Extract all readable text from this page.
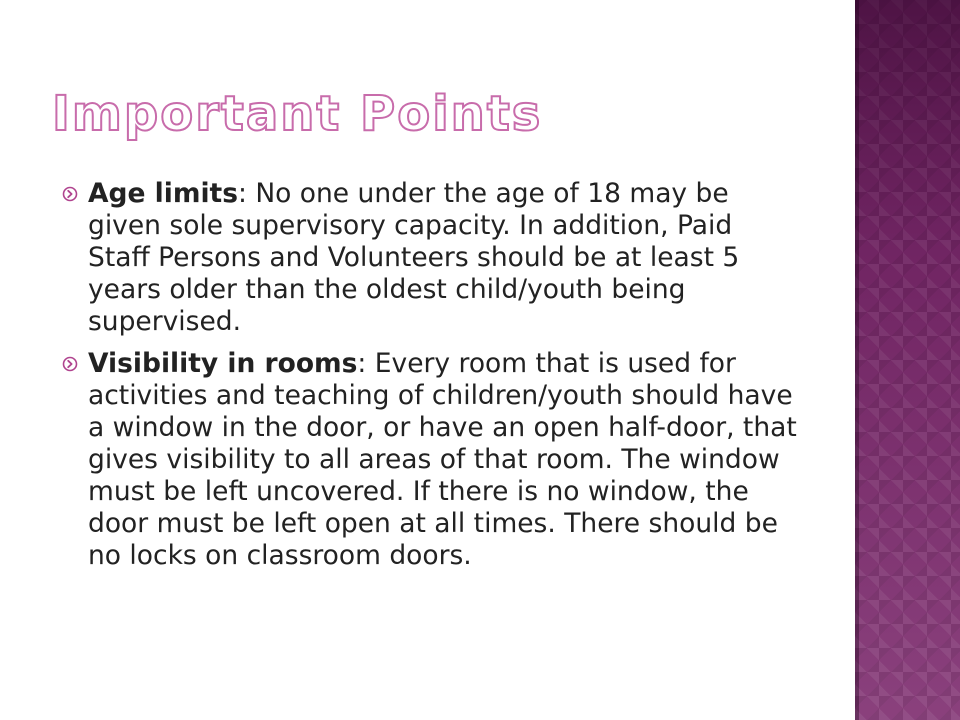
Important Points
Age limits: No one under the age of 18 may be given sole supervisory capacity. In addition, Paid Staff Persons and Volunteers should be at least 5 years older than the oldest child/youth being supervised.
Visibility in rooms: Every room that is used for activities and teaching of children/youth should have a window in the door, or have an open half-door, that gives visibility to all areas of that room. The window must be left uncovered. If there is no window, the door must be left open at all times. There should be no locks on classroom doors.
